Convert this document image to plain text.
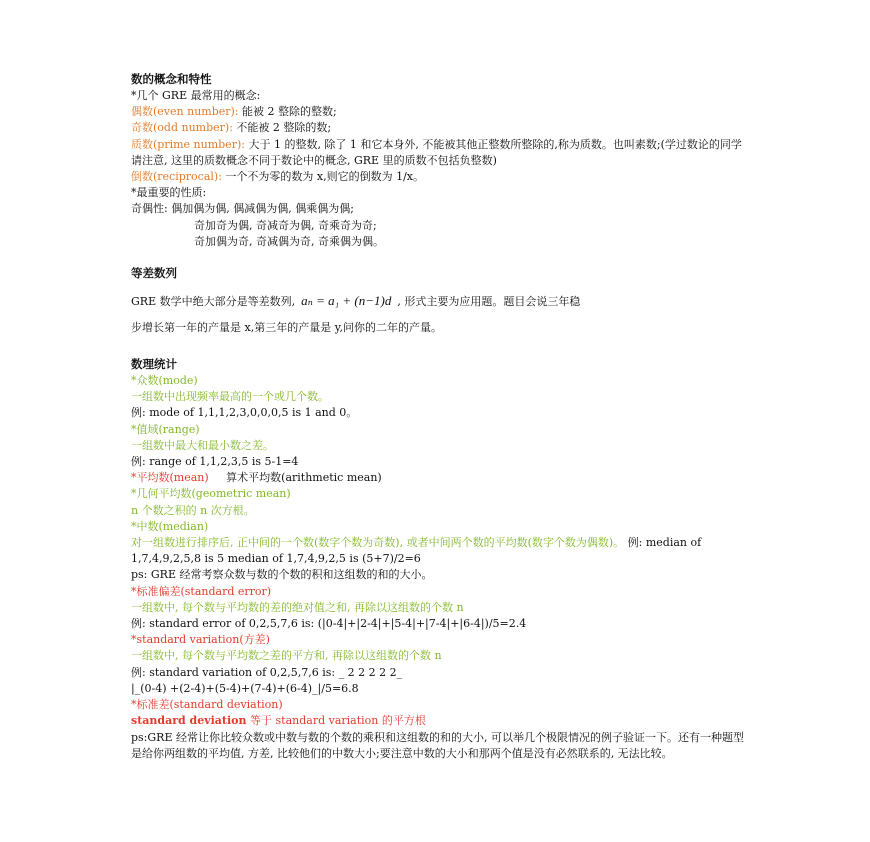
数的概念和特性
*几个 GRE 最常用的概念:
偶数(even number): 能被 2 整除的整数;
奇数(odd number): 不能被 2 整除的数;
质数(prime number): 大于 1 的整数, 除了 1 和它本身外, 不能被其他正整数所整除的,称为质数。也叫素数;(学过数论的同学请注意, 这里的质数概念不同于数论中的概念, GRE 里的质数不包括负整数)
倒数(reciprocal): 一个不为零的数为 x,则它的倒数为 1/x。
*最重要的性质:
奇偶性: 偶加偶为偶, 偶减偶为偶, 偶乘偶为偶;
奇加奇为偶, 奇减奇为偶, 奇乘奇为奇;
奇加偶为奇, 奇减偶为奇, 奇乘偶为偶。
等差数列
GRE 数学中绝大部分是等差数列, aₙ = a₁ + (n−1)d , 形式主要为应用题。题目会说三年稳
步增长第一年的产量是 x,第三年的产量是 y,问你的二年的产量。
数理统计
*众数(mode)
一组数中出现频率最高的一个或几个数。
例: mode of 1,1,1,2,3,0,0,0,5 is 1 and 0。
*值域(range)
一组数中最大和最小数之差。
例: range of 1,1,2,3,5 is 5-1=4
*平均数(mean) 算术平均数(arithmetic mean)
*几何平均数(geometric mean)
n 个数之积的 n 次方根。
*中数(median)
对一组数进行排序后, 正中间的一个数(数字个数为奇数), 或者中间两个数的平均数(数字个数为偶数)。 例: median of 1,7,4,9,2,5,8 is 5 median of 1,7,4,9,2,5 is (5+7)/2=6
ps: GRE 经常考察众数与数的个数的积和这组数的和的大小。
*标准偏差(standard error)
一组数中, 每个数与平均数的差的绝对值之和, 再除以这组数的个数 n
例: standard error of 0,2,5,7,6 is: (|0-4|+|2-4|+|5-4|+|7-4|+|6-4|)/5=2.4
*standard variation(方差)
一组数中, 每个数与平均数之差的平方和, 再除以这组数的个数 n
例: standard variation of 0,2,5,7,6 is: _ 2 2 2 2 2_
|_(0-4) +(2-4)+(5-4)+(7-4)+(6-4)_|/5=6.8
*标准差(standard deviation)
standard deviation 等于 standard variation 的平方根
ps:GRE 经常让你比较众数或中数与数的个数的乘积和这组数的和的大小, 可以举几个极限情况的例子验证一下。还有一种题型是给你两组数的平均值, 方差, 比较他们的中数大小;要注意中数的大小和那两个值是没有必然联系的, 无法比较。
